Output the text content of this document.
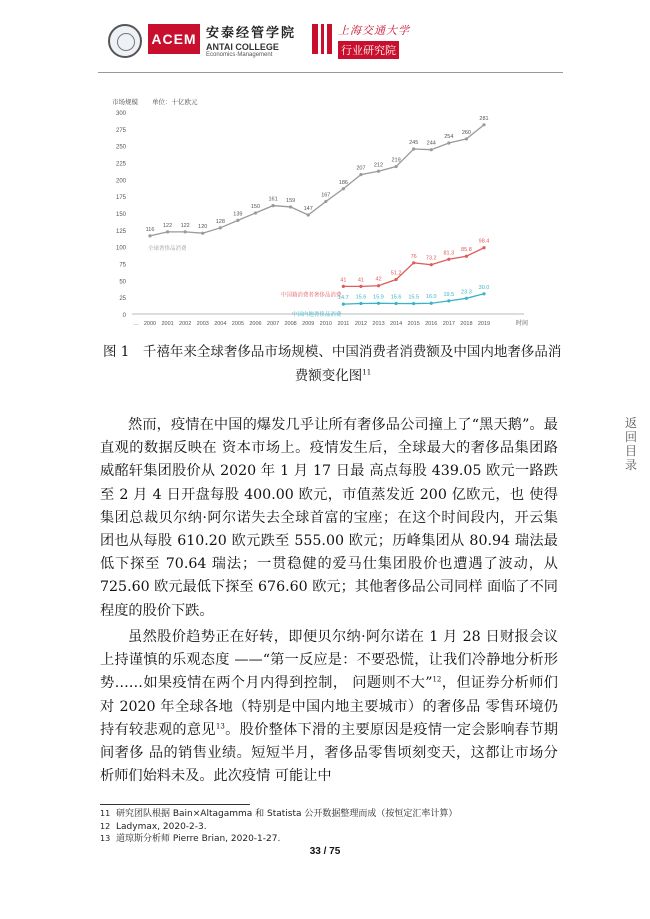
ACEM 安泰经管学院
ANTAI COLLEGE
Economics·Management
上海交通大学
行业研究院
0
25
50
75
100
125
150
175
200
225
250
275
300
市场规模 单位：十亿欧元
... 2000 2001 2002 2003 2004 2005 2006 2007 2008 2009 2010 2011 2012 2013 2014 2015 2016 2017 2018 2019	时间
116
122 122 120
128
139
150
161 159
147
167
186
207
212
219
245 244
254
260
281
全球奢侈品消费
41 41 42
51.2
76 73.2
81.3
85.8
98.4
中国籍消费者奢侈品消费
14.7 15.6 15.9 15.6 15.5 16.0 19.5 23.3
30.0
中国内地奢侈品消费
图 1　千禧年来全球奢侈品市场规模、中国消费者消费额及中国内地奢侈品消
费额变化图$^{11}$

然而，疫情在中国的爆发几乎让所有奢侈品公司撞上了“黑天鹅”。最直观的数据反映在 资本市场上。疫情发生后，全球最大的奢侈品集团路威酩轩集团股价从 2020 年 1 月 17 日最 高点每股 439.05 欧元一路跌至 2 月 4 日开盘每股 400.00 欧元，市值蒸发近 200 亿欧元，也 使得集团总裁贝尔纳·阿尔诺失去全球首富的宝座；在这个时间段内，开云集团也从每股 610.20 欧元跌至 555.00 欧元；历峰集团从 80.94 瑞法最低下探至 70.64 瑞法；一贯稳健的爱马仕集团股价也遭遇了波动，从 725.60 欧元最低下探至 676.60 欧元；其他奢侈品公司同样 面临了不同程度的股价下跌。

虽然股价趋势正在好转，即便贝尔纳·阿尔诺在 1 月 28 日财报会议上持谨慎的乐观态度 ——“第一反应是：不要恐慌，让我们冷静地分析形势……如果疫情在两个月内得到控制， 问题则不大”$^{12}$，但证券分析师们对 2020 年全球各地（特别是中国内地主要城市）的奢侈品 零售环境仍持有较悲观的意见$^{13}$。股价整体下滑的主要原因是疫情一定会影响春节期间奢侈 品的销售业绩。短短半月，奢侈品零售顷刻变天，这都让市场分析师们始料未及。此次疫情 可能让中

返
回
目
录
11 研究团队根据 Bain×Altagamma 和 Statista 公开数据整理而成（按恒定汇率计算）
12 Ladymax, 2020-2-3.
13 道琼斯分析师 Pierre Brian, 2020-1-27.
33 / 75
